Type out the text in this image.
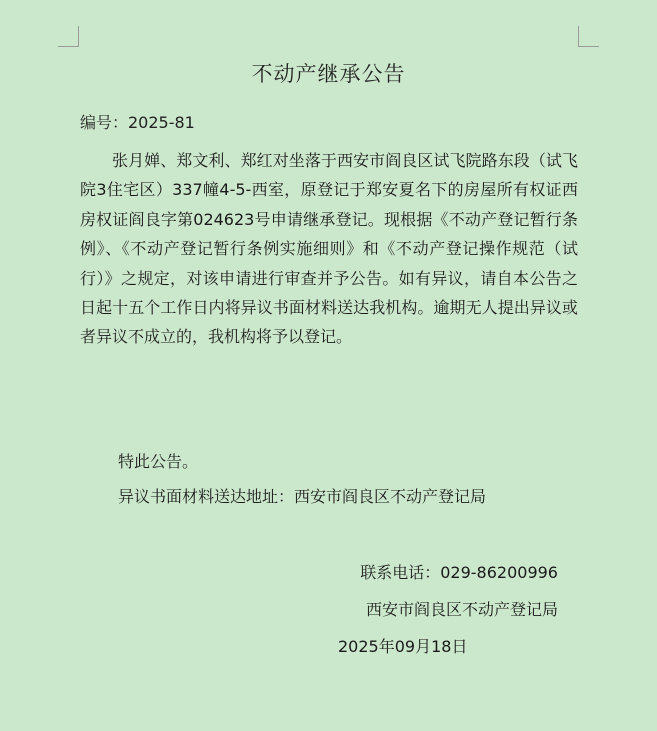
不动产继承公告
编号：2025-81

张月婵、郑文利、郑红对坐落于西安市阎良区试飞院路东段（试飞院3住宅区）337幢4-5-西室，原登记于郑安夏名下的房屋所有权证西房权证阎良字第024623号申请继承登记。现根据《不动产登记暂行条例》、《不动产登记暂行条例实施细则》和《不动产登记操作规范（试行）》之规定，对该申请进行审查并予公告。如有异议，请自本公告之日起十五个工作日内将异议书面材料送达我机构。逾期无人提出异议或者异议不成立的，我机构将予以登记。

特此公告。
异议书面材料送达地址：西安市阎良区不动产登记局
联系电话：029-86200996
西安市阎良区不动产登记局
2025年09月18日
